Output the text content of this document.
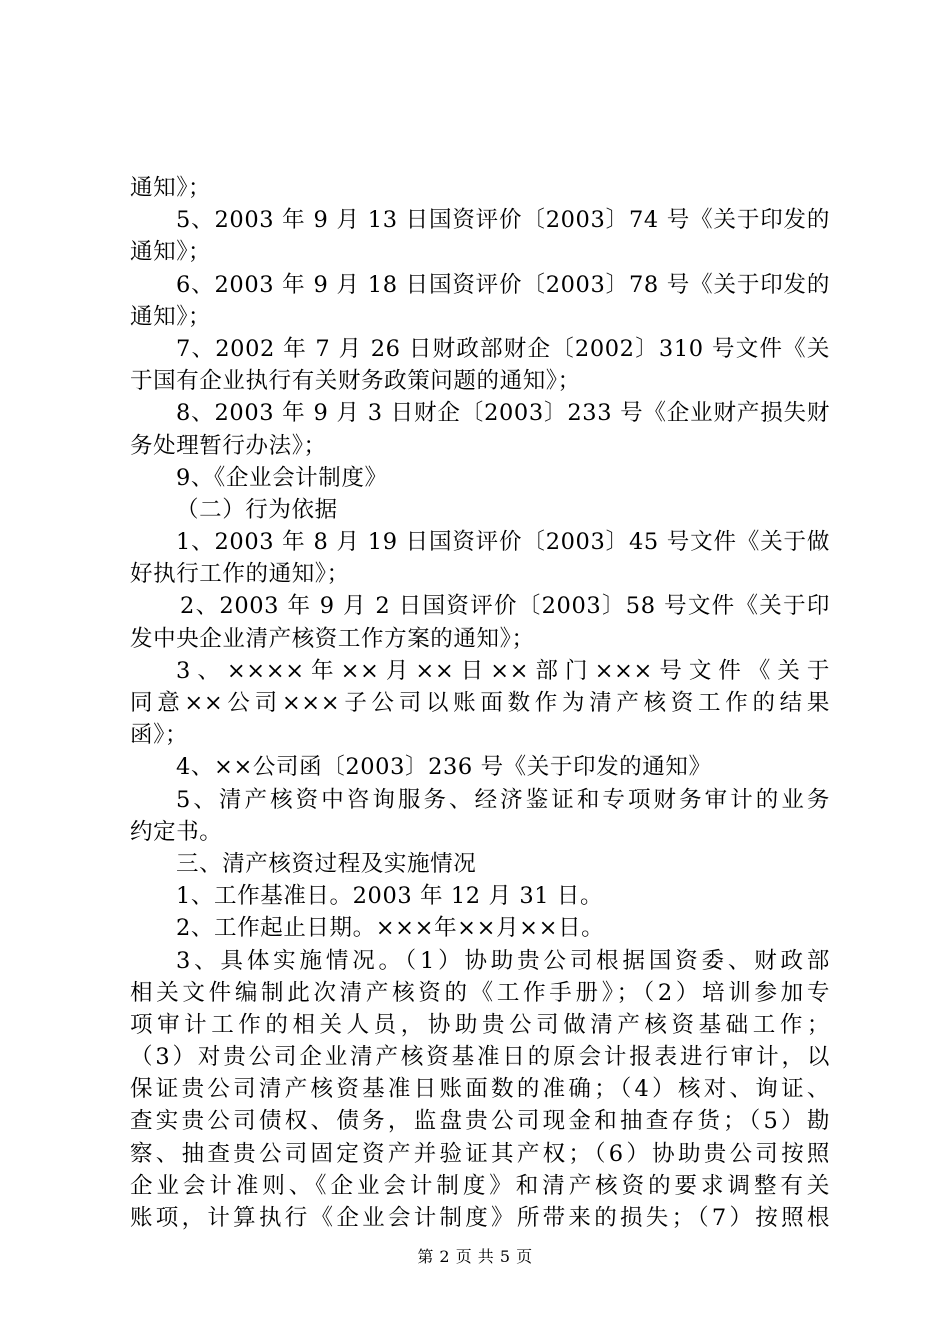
通知》；
5、2003 年 9 月 13 日国资评价〔2003〕74 号《关于印发的
通知》；
6、2003 年 9 月 18 日国资评价〔2003〕78 号《关于印发的
通知》；
7、2002 年 7 月 26 日财政部财企〔2002〕310 号文件《关
于国有企业执行有关财务政策问题的通知》；
8、2003 年 9 月 3 日财企〔2003〕233 号《企业财产损失财
务处理暂行办法》；
9、《企业会计制度》
（二）行为依据
1、2003 年 8 月 19 日国资评价〔2003〕45 号文件《关于做
好执行工作的通知》；
2、2003 年 9 月 2 日国资评价〔2003〕58 号文件《关于印
发中央企业清产核资工作方案的通知》；
3、××××年××月××日××部门×××号文件《关于
同意××公司×××子公司以账面数作为清产核资工作的结果
函》；
4、××公司函〔2003〕236 号《关于印发的通知》
5、清产核资中咨询服务、经济鉴证和专项财务审计的业务
约定书。
三、清产核资过程及实施情况
1、工作基准日。2003 年 12 月 31 日。
2、工作起止日期。×××年××月××日。
3、具体实施情况。（1）协助贵公司根据国资委、财政部
相关文件编制此次清产核资的《工作手册》；（2）培训参加专
项审计工作的相关人员，协助贵公司做清产核资基础工作；
（3）对贵公司企业清产核资基准日的原会计报表进行审计，以
保证贵公司清产核资基准日账面数的准确；（4）核对、询证、
查实贵公司债权、债务，监盘贵公司现金和抽查存货；（5）勘
察、抽查贵公司固定资产并验证其产权；（6）协助贵公司按照
企业会计准则、《企业会计制度》和清产核资的要求调整有关
账项，计算执行《企业会计制度》所带来的损失；（7）按照根
第 2 页 共 5 页
